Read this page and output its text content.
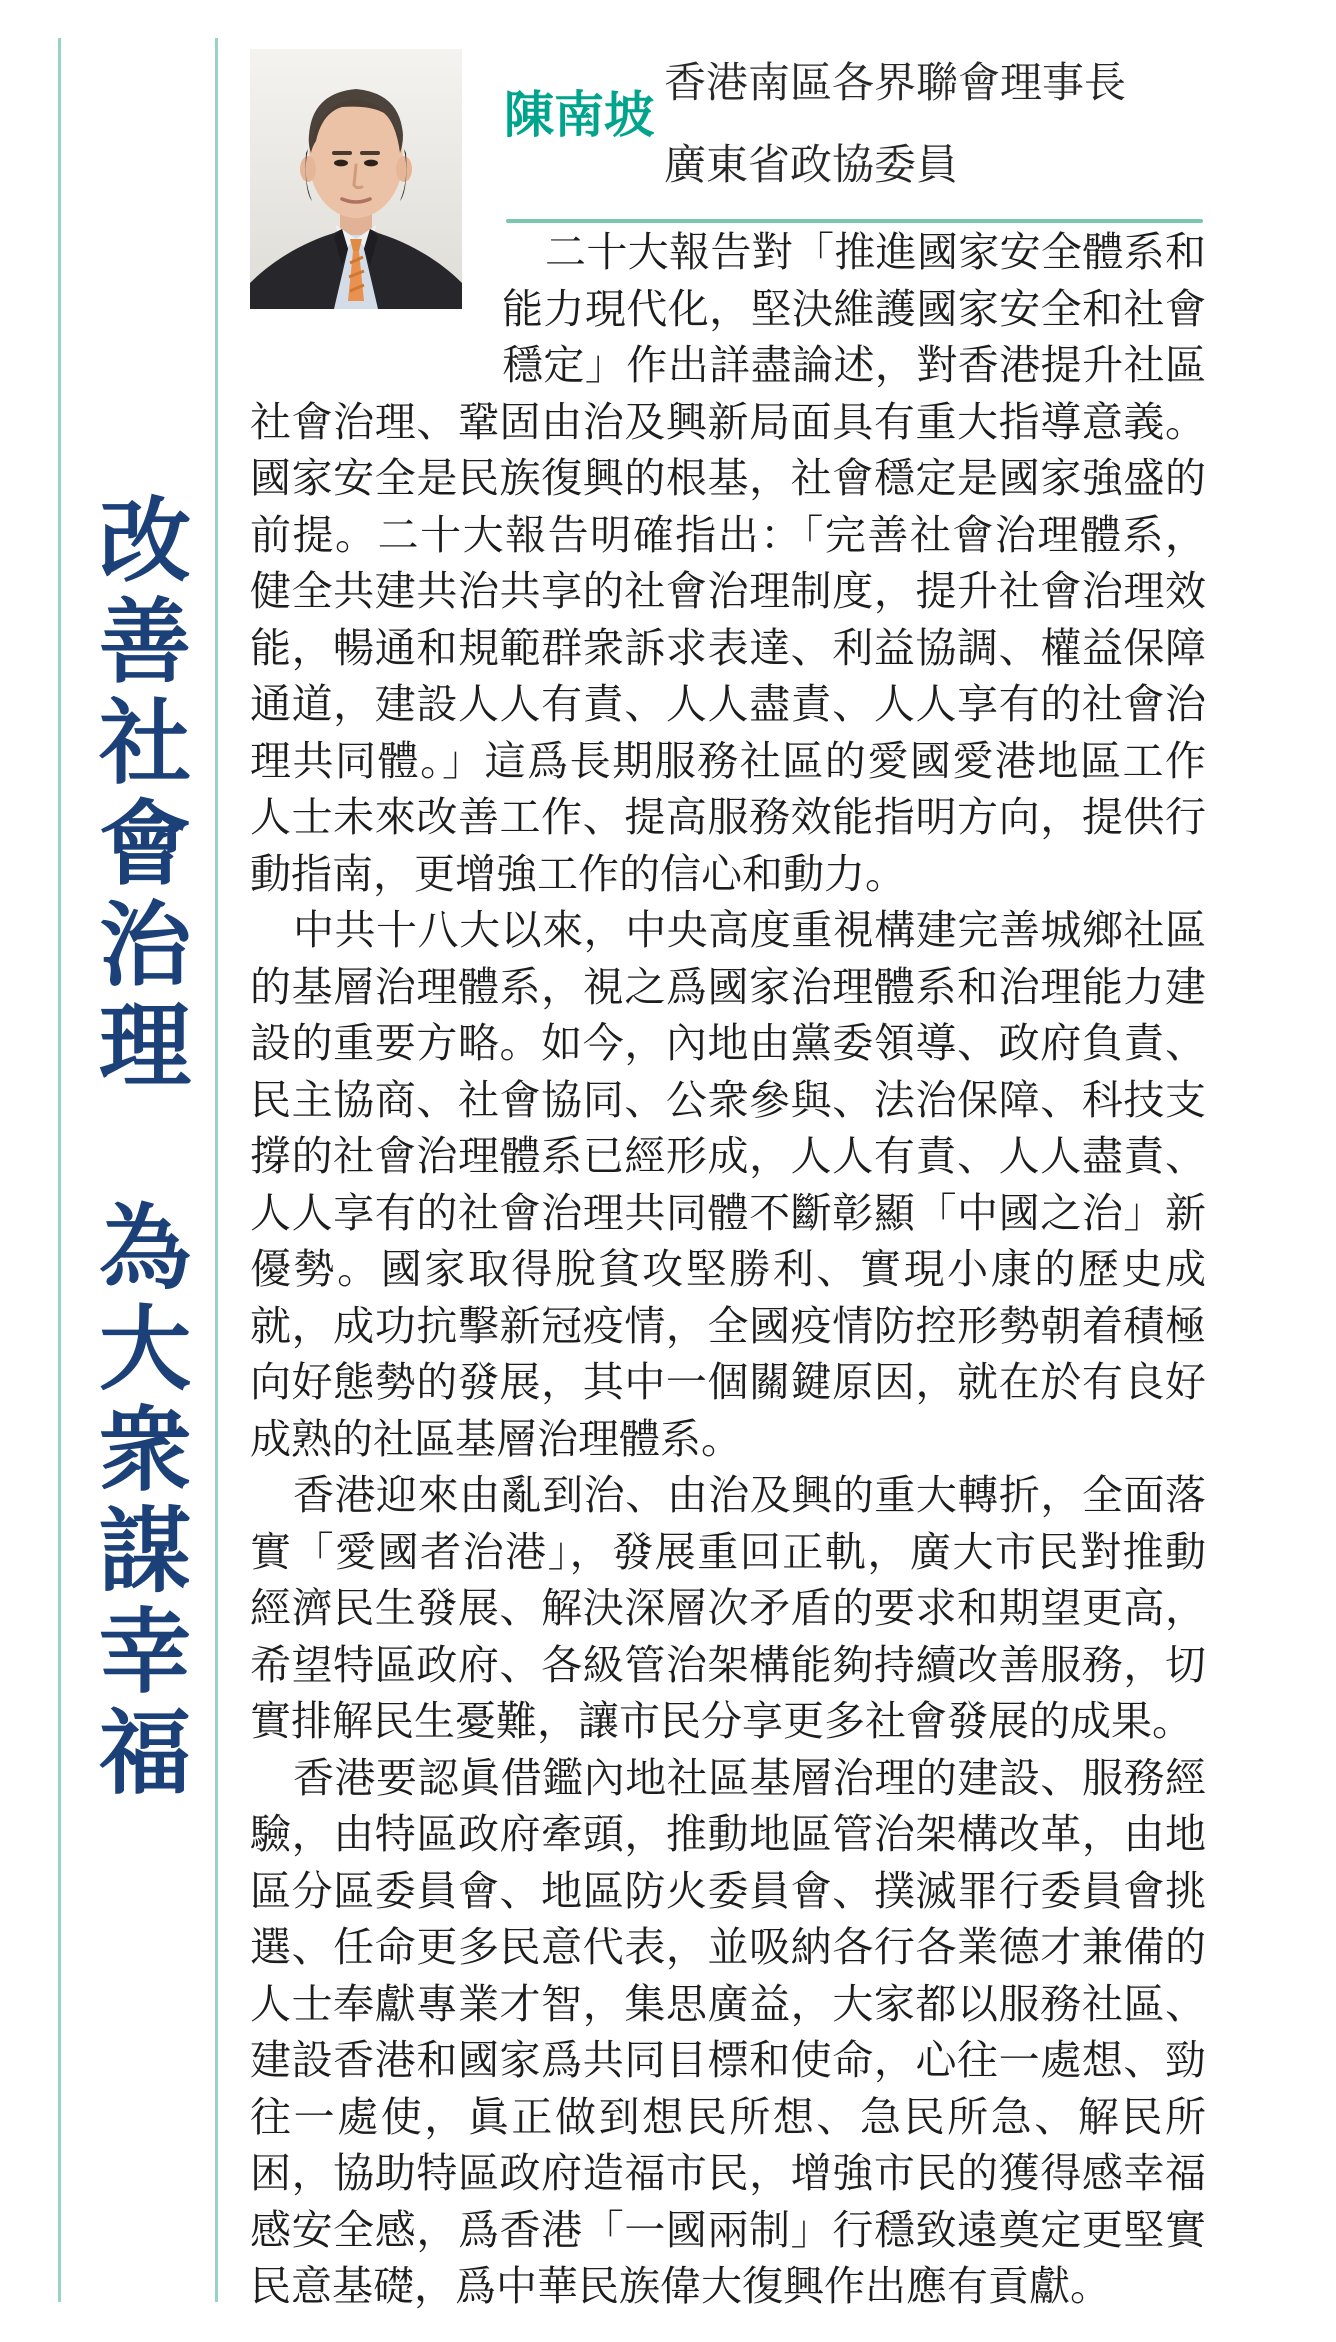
改善社會治理　為大衆謀幸福
陳南坡
香港南區各界聯會理事長
廣東省政協委員
二十大報告對「推進國家安全體系和
能力現代化，堅決維護國家安全和社會
穩定」作出詳盡論述，對香港提升社區
社會治理、鞏固由治及興新局面具有重大指導意義。
國家安全是民族復興的根基，社會穩定是國家強盛的
前提。二十大報告明確指出：「完善社會治理體系，
健全共建共治共享的社會治理制度，提升社會治理效
能，暢通和規範群衆訴求表達、利益協調、權益保障
通道，建設人人有責、人人盡責、人人享有的社會治
理共同體。」這爲長期服務社區的愛國愛港地區工作
人士未來改善工作、提高服務效能指明方向，提供行
動指南，更增強工作的信心和動力。
中共十八大以來，中央高度重視構建完善城鄉社區
的基層治理體系，視之爲國家治理體系和治理能力建
設的重要方略。如今，內地由黨委領導、政府負責、
民主協商、社會協同、公衆參與、法治保障、科技支
撐的社會治理體系已經形成，人人有責、人人盡責、
人人享有的社會治理共同體不斷彰顯「中國之治」新
優勢。國家取得脫貧攻堅勝利、實現小康的歷史成
就，成功抗擊新冠疫情，全國疫情防控形勢朝着積極
向好態勢的發展，其中一個關鍵原因，就在於有良好
成熟的社區基層治理體系。
香港迎來由亂到治、由治及興的重大轉折，全面落
實「愛國者治港」，發展重回正軌，廣大市民對推動
經濟民生發展、解決深層次矛盾的要求和期望更高，
希望特區政府、各級管治架構能夠持續改善服務，切
實排解民生憂難，讓市民分享更多社會發展的成果。
香港要認眞借鑑內地社區基層治理的建設、服務經
驗，由特區政府牽頭，推動地區管治架構改革，由地
區分區委員會、地區防火委員會、撲滅罪行委員會挑
選、任命更多民意代表，並吸納各行各業德才兼備的
人士奉獻專業才智，集思廣益，大家都以服務社區、
建設香港和國家爲共同目標和使命，心往一處想、勁
往一處使，眞正做到想民所想、急民所急、解民所
困，協助特區政府造福市民，增強市民的獲得感幸福
感安全感，爲香港「一國兩制」行穩致遠奠定更堅實
民意基礎，爲中華民族偉大復興作出應有貢獻。
